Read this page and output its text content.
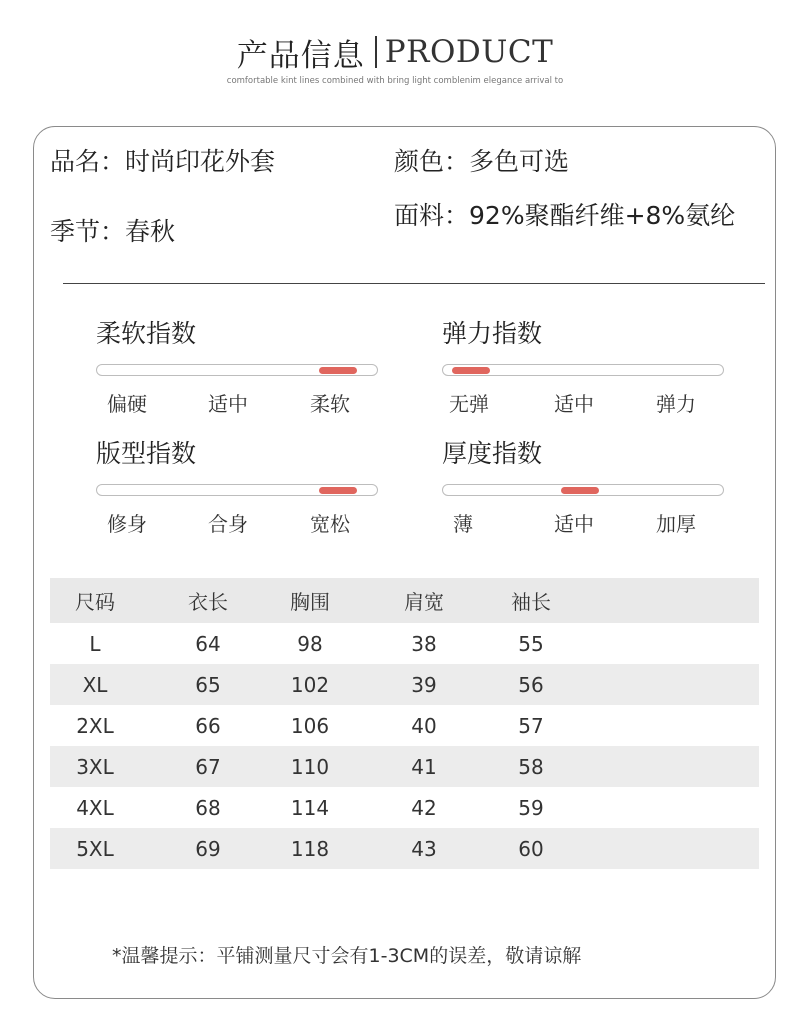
产品信息 PRODUCT
comfortable kint lines combined with bring light comblenim elegance arrival to
品名：时尚印花外套	颜色：多色可选
季节：春秋
面料：92%聚酯纤维+8%氨纶
柔软指数
偏硬	适中	柔软
弹力指数
无弹	适中	弹力
版型指数
修身	合身	宽松
厚度指数
薄	适中	加厚
尺码	衣长	胸围	肩宽	袖长
L	64	98	38	55
XL	65	102	39	56
2XL	66	106	40	57
3XL	67	110	41	58
4XL	68	114	42	59
5XL	69	118	43	60
*温馨提示：平铺测量尺寸会有1-3CM的误差，敬请谅解
